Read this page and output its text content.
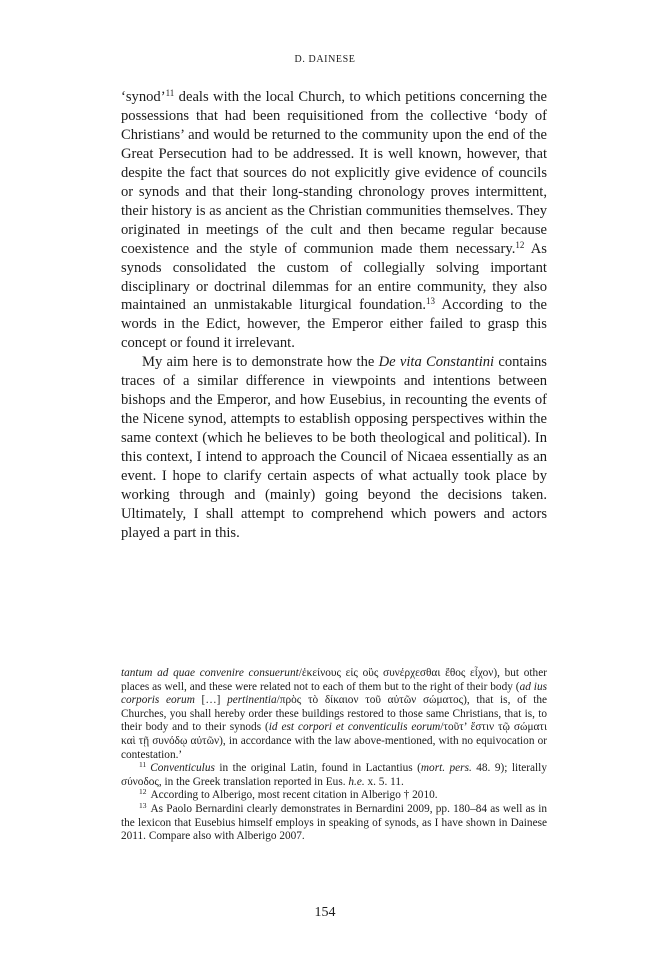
D. DAINESE

‘synod’$^{11}$ deals with the local Church, to which petitions concerning the possessions that had been requisitioned from the collective ‘body of Christians’ and would be returned to the community upon the end of the Great Persecution had to be addressed. It is well known, however, that despite the fact that sources do not explicitly give evidence of councils or synods and that their long-standing chronology proves intermittent, their history is as ancient as the Christian communities themselves. They originated in meetings of the cult and then became regular because coexistence and the style of communion made them necessary.$^{12}$ As synods consolidated the custom of collegially solving important disciplinary or doctrinal dilemmas for an entire community, they also maintained an unmistakable liturgical foundation.$^{13}$ According to the words in the Edict, however, the Emperor either failed to grasp this concept or found it irrelevant.

My aim here is to demonstrate how the De vita Constantini contains traces of a similar difference in viewpoints and intentions between bishops and the Emperor, and how Eusebius, in recounting the events of the Nicene synod, attempts to establish opposing perspectives within the same context (which he believes to be both theological and political). In this context, I intend to approach the Council of Nicaea essentially as an event. I hope to clarify certain aspects of what actually took place by working through and (mainly) going beyond the decisions taken. Ultimately, I shall attempt to comprehend which powers and actors played a part in this.

tantum ad quae convenire consuerunt/ἐκείνους εἰς οὓς συνέρχεσθαι ἔθος εἶχον), but other places as well, and these were related not to each of them but to the right of their body (ad ius corporis eorum […] pertinentia/πρὸς τὸ δίκαιον τοῦ αὐτῶν σώματος), that is, of the Churches, you shall hereby order these buildings restored to those same Christians, that is, to their body and to their synods (id est corpori et conventiculis eorum/τοῦτ’ ἔστιν τῷ σώματι καὶ τῇ συνόδῳ αὐτῶν), in accordance with the law above-mentioned, with no equivocation or contestation.’

$^{11}$ Conventiculus in the original Latin, found in Lactantius (mort. pers. 48. 9); literally σύνοδος, in the Greek translation reported in Eus. h.e. x. 5. 11.

$^{12}$ According to Alberigo, most recent citation in Alberigo † 2010.

$^{13}$ As Paolo Bernardini clearly demonstrates in Bernardini 2009, pp. 180–84 as well as in the lexicon that Eusebius himself employs in speaking of synods, as I have shown in Dainese 2011. Compare also with Alberigo 2007.

154
